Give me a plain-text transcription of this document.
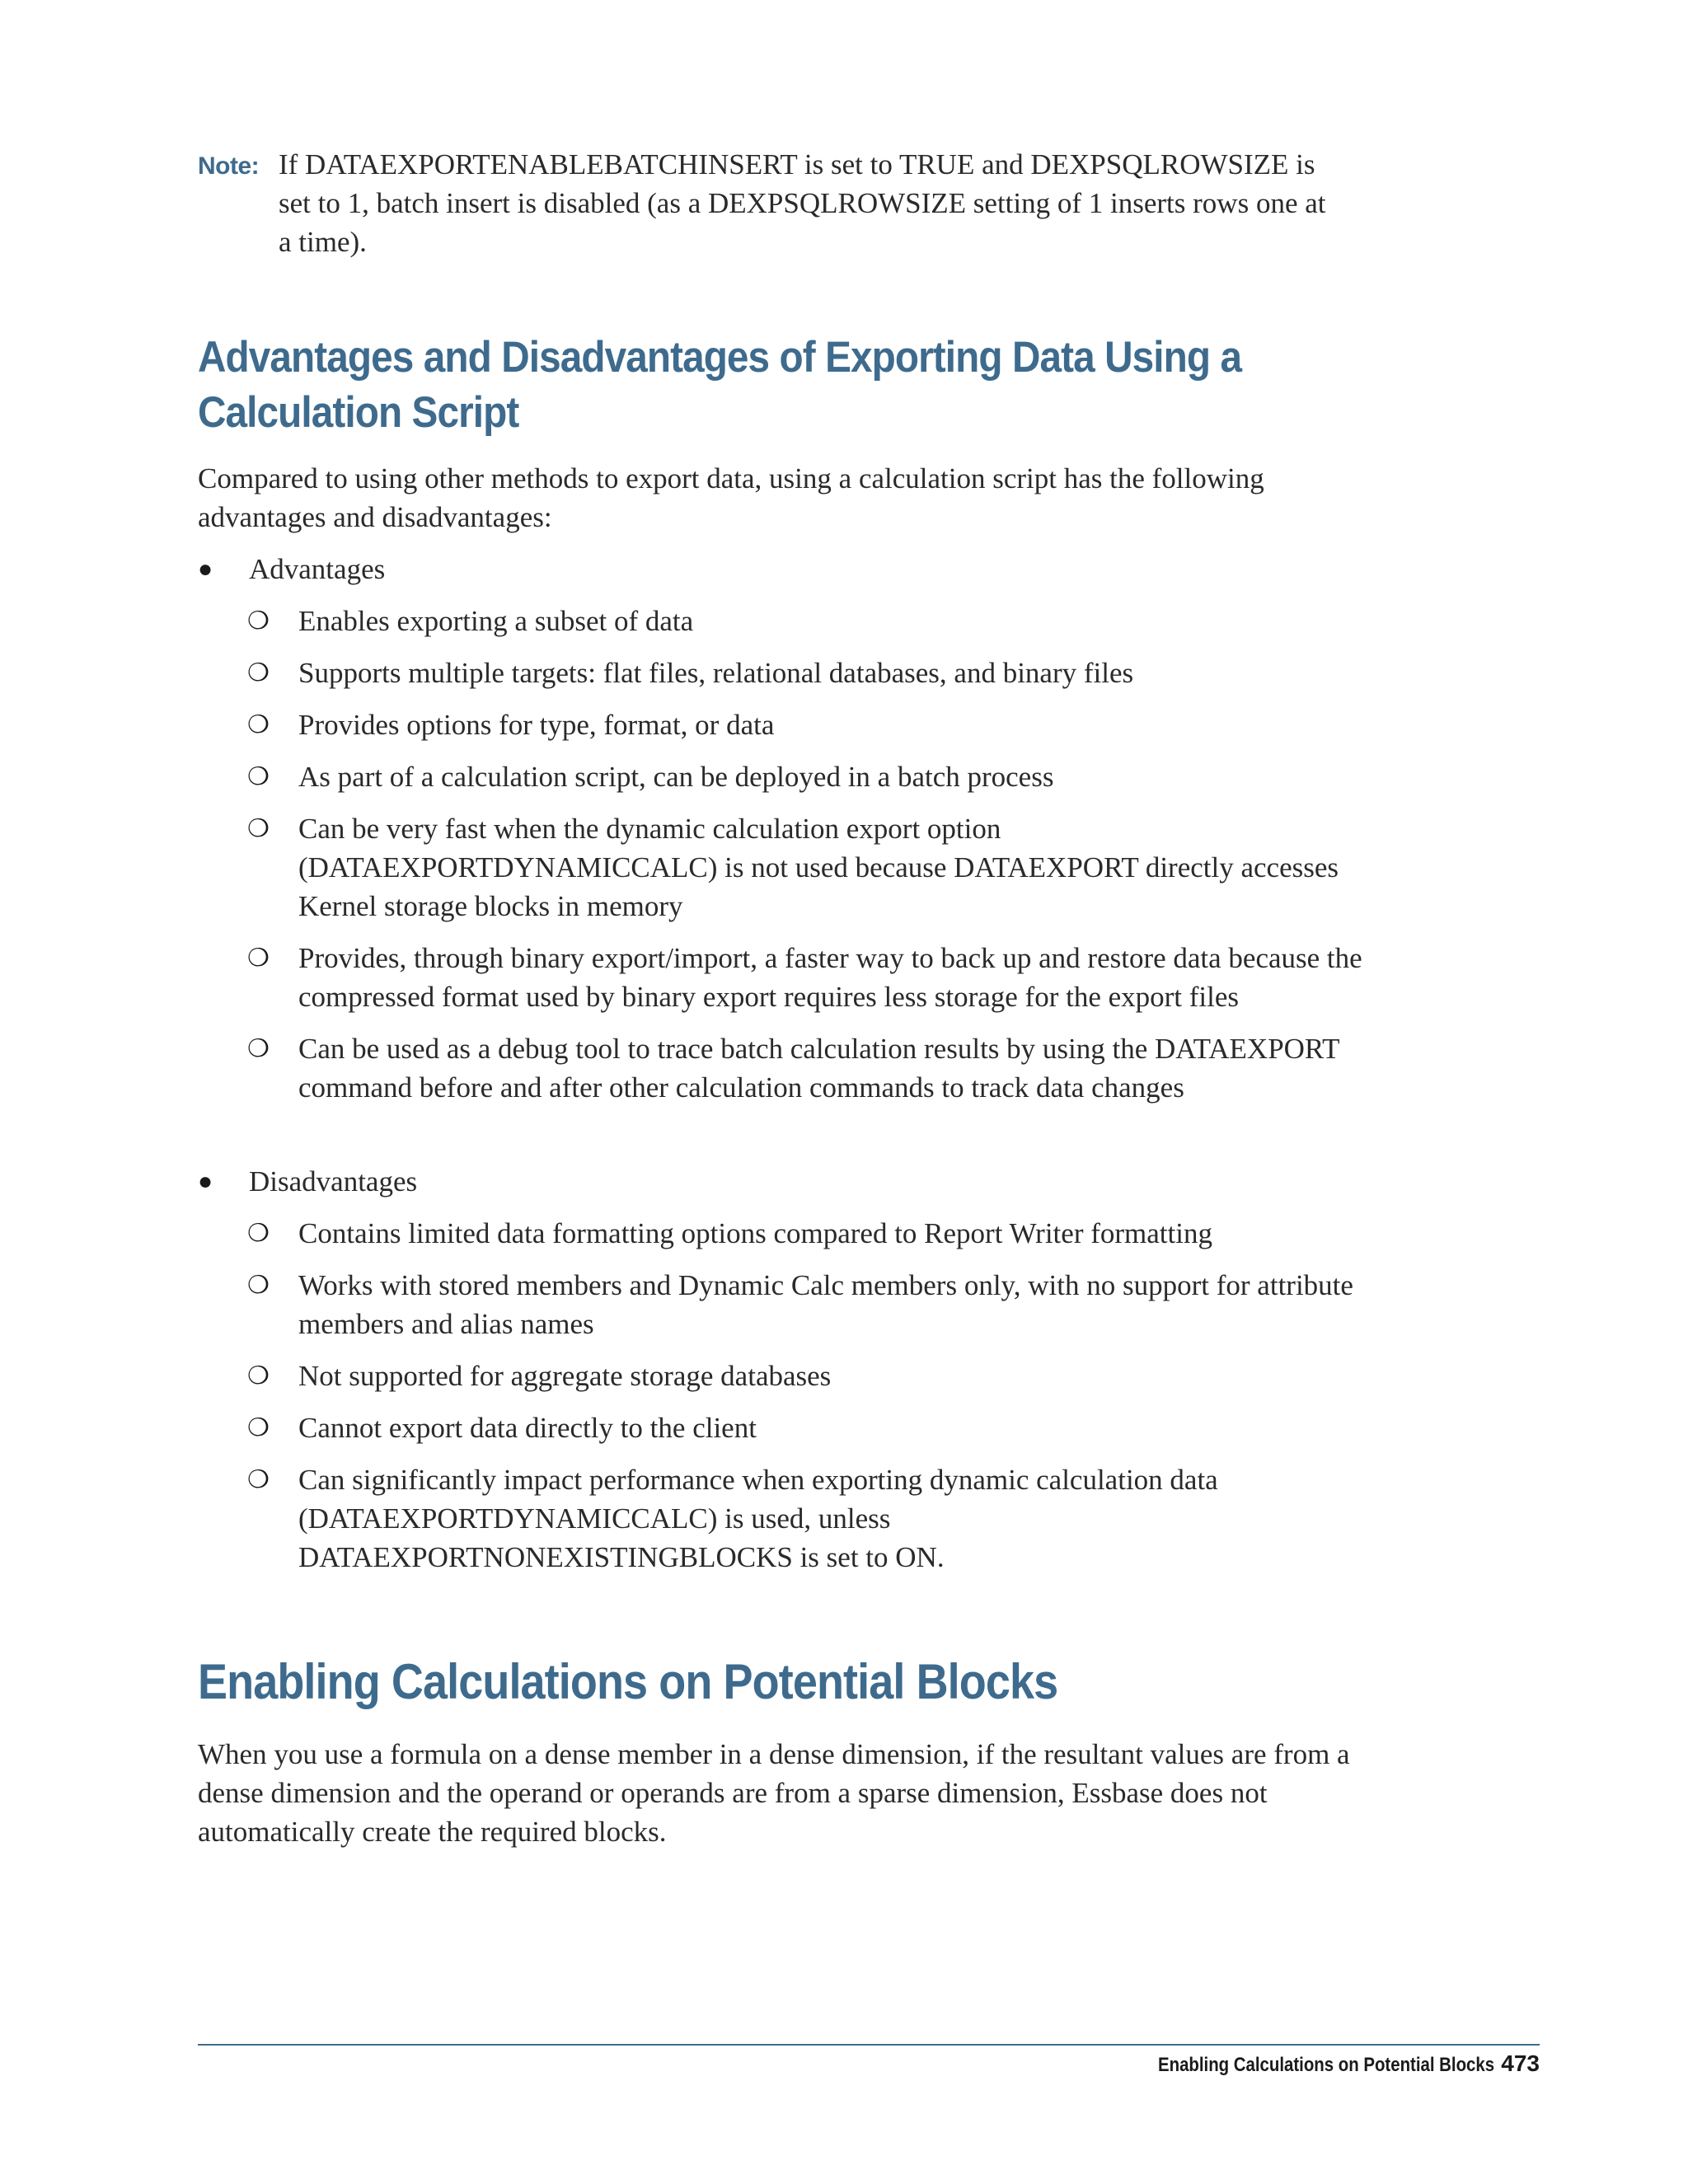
Note: If DATAEXPORTENABLEBATCHINSERT is set to TRUE and DEXPSQLROWSIZE is set to 1, batch insert is disabled (as a DEXPSQLROWSIZE setting of 1 inserts rows one at a time).
Advantages and Disadvantages of Exporting Data Using a Calculation Script

Compared to using other methods to export data, using a calculation script has the following advantages and disadvantages:

● Advantages
❍ Enables exporting a subset of data
❍ Supports multiple targets: flat files, relational databases, and binary files
❍ Provides options for type, format, or data
❍ As part of a calculation script, can be deployed in a batch process
❍ Can be very fast when the dynamic calculation export option (DATAEXPORTDYNAMICCALC) is not used because DATAEXPORT directly accesses Kernel storage blocks in memory
❍ Provides, through binary export/import, a faster way to back up and restore data because the compressed format used by binary export requires less storage for the export files
❍ Can be used as a debug tool to trace batch calculation results by using the DATAEXPORT command before and after other calculation commands to track data changes
● Disadvantages
❍ Contains limited data formatting options compared to Report Writer formatting
❍ Works with stored members and Dynamic Calc members only, with no support for attribute members and alias names
❍ Not supported for aggregate storage databases
❍ Cannot export data directly to the client
❍ Can significantly impact performance when exporting dynamic calculation data (DATAEXPORTDYNAMICCALC) is used, unless DATAEXPORTNONEXISTINGBLOCKS is set to ON.
Enabling Calculations on Potential Blocks

When you use a formula on a dense member in a dense dimension, if the resultant values are from a dense dimension and the operand or operands are from a sparse dimension, Essbase does not automatically create the required blocks.

Enabling Calculations on Potential Blocks 473
